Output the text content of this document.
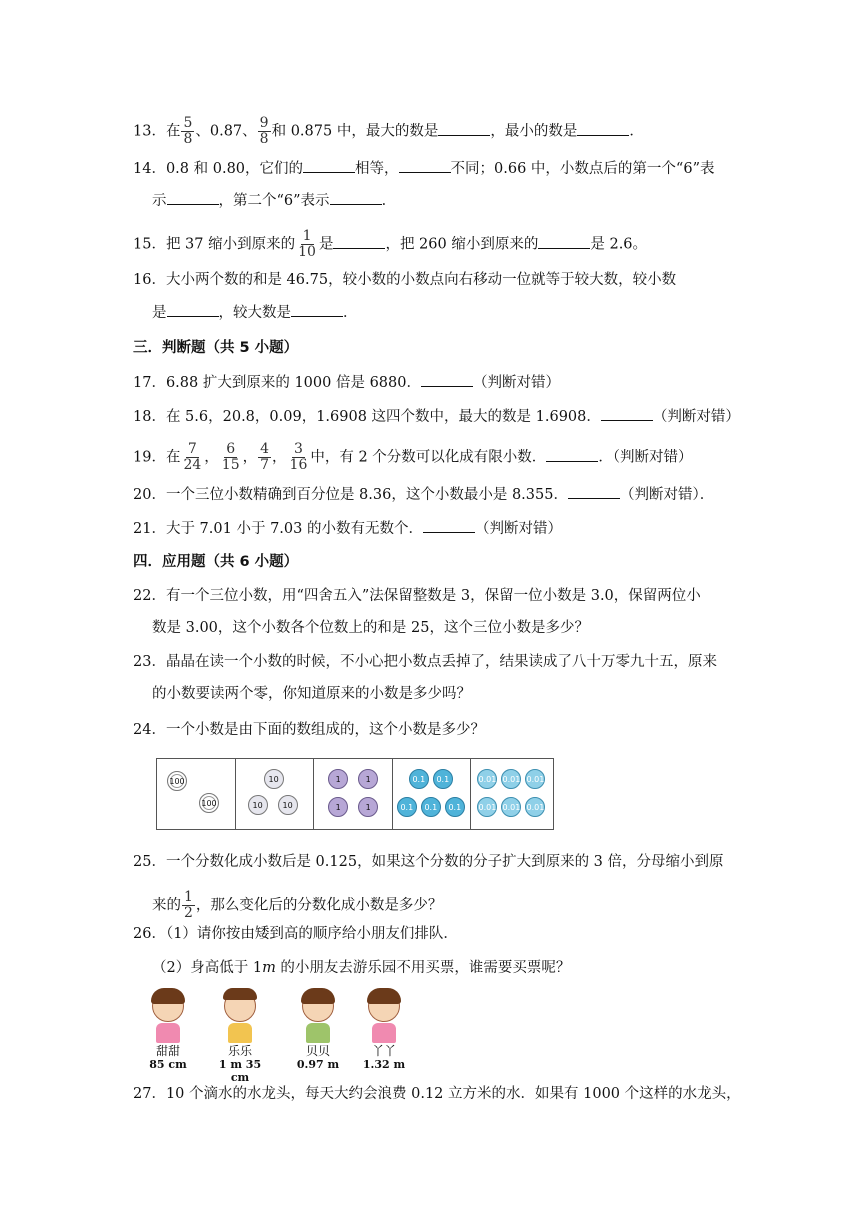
13．在 $\frac{5}{8}$ 、0.87、 $\frac{9}{8}$ 和 0.875 中，最大的数是	，最小的数是	．
14．0.8 和 0.80，它们的	相等，	不同；0.66 中，小数点后的第一个“6”表
示	，第二个“6”表示	．
15．把 37 缩小到原来的 $\frac{1}{10}$ 是	，把 260 缩小到原来的	是 2.6。
16．大小两个数的和是 46.75，较小数的小数点向右移动一位就等于较大数，较小数
是	，较大数是	．
三．判断题（共 5 小题）
17．6.88 扩大到原来的 1000 倍是 6880．	（判断对错）
18．在 5.6，20.8，0.09，1.6908 这四个数中，最大的数是 1.6908．	（判断对错）
19．在 $\frac{7}{24}$ ， $\frac{6}{15}$ ， $\frac{4}{7}$ ， $\frac{3}{16}$ 中，有 2 个分数可以化成有限小数．	．（判断对错）
20．一个三位小数精确到百分位是 8.36，这个小数最小是 8.355．	（判断对错）．
21．大于 7.01 小于 7.03 的小数有无数个．	（判断对错）
四．应用题（共 6 小题）
22．有一个三位小数，用“四舍五入”法保留整数是 3，保留一位小数是 3.0，保留两位小
数是 3.00，这个小数各个位数上的和是 25，这个三位小数是多少？
23．晶晶在读一个小数的时候，不小心把小数点丢掉了，结果读成了八十万零九十五，原来
的小数要读两个零，你知道原来的小数是多少吗？
24．一个小数是由下面的数组成的，这个小数是多少？
100
100
10
10	10
1	1
1	1
0.1	0.1
0.1	0.1	0.1
0.01 0.01 0.01
0.01 0.01 0.01
25．一个分数化成小数后是 0.125，如果这个分数的分子扩大到原来的 3 倍，分母缩小到原
来的 $\frac{1}{2}$ ，那么变化后的分数化成小数是多少？
26．（1）请你按由矮到高的顺序给小朋友们排队．
（2）身高低于 1m 的小朋友去游乐园不用买票，谁需要买票呢？
甜甜
85 cm
乐乐
1 m 35 cm
贝贝
0.97 m
丫丫
1.32 m
27．10 个滴水的水龙头，每天大约会浪费 0.12 立方米的水．如果有 1000 个这样的水龙头，
